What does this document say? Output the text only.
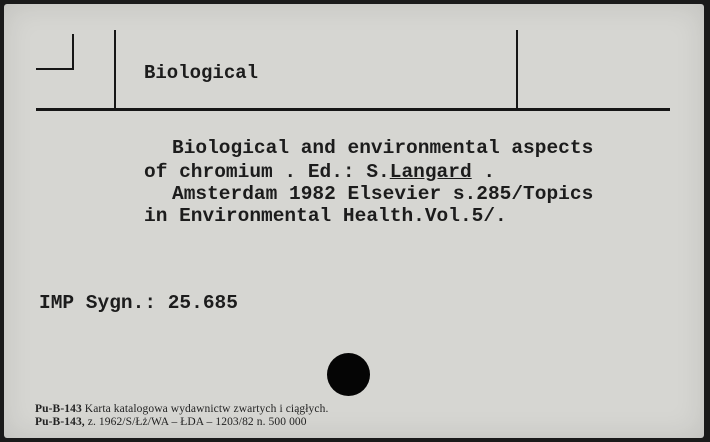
Biological
Biological and environmental aspects
of chromium . Ed.: S.Langard .
Amsterdam 1982 Elsevier s.285/Topics
in Environmental Health.Vol.5/.
IMP Sygn.: 25.685
Pu-B-143 Karta katalogowa wydawnictw zwartych i ciągłych.
Pu-B-143, z. 1962/S/Łż/WA – ŁDA – 1203/82 n. 500 000
